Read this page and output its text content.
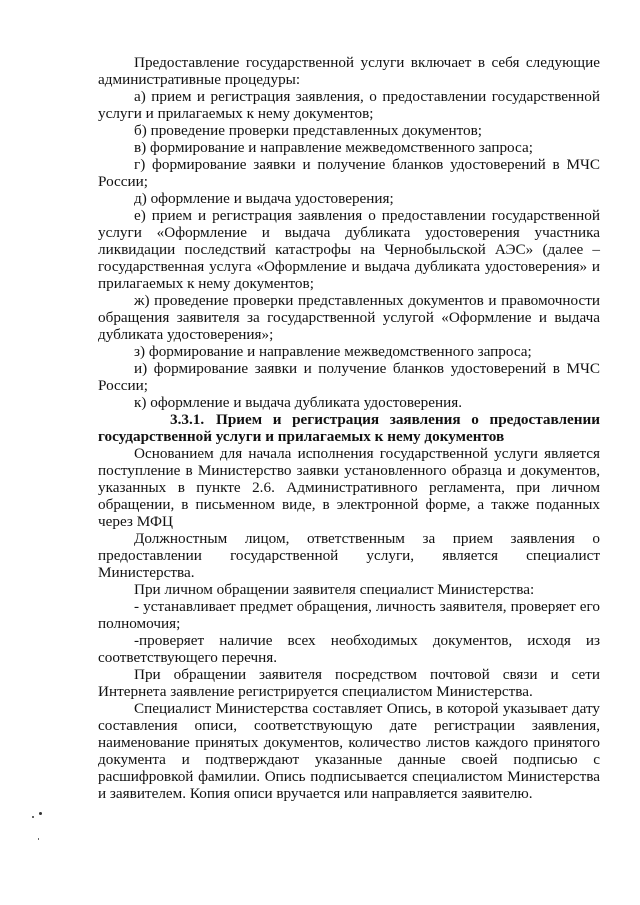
Предоставление государственной услуги включает в себя следующие административные процедуры:

а) прием и регистрация заявления, о предоставлении государственной услуги и прилагаемых к нему документов;

б) проведение проверки представленных документов;

в) формирование и направление межведомственного запроса;

г) формирование заявки и получение бланков удостоверений в МЧС России;

д) оформление и выдача удостоверения;

е) прием и регистрация заявления о предоставлении государственной услуги «Оформление и выдача дубликата удостоверения участника ликвидации последствий катастрофы на Чернобыльской АЭС» (далее – государственная услуга «Оформление и выдача дубликата удостоверения» и прилагаемых к нему документов;

ж) проведение проверки представленных документов и правомочности обращения заявителя за государственной услугой «Оформление и выдача дубликата удостоверения»;

з) формирование и направление межведомственного запроса;

и) формирование заявки и получение бланков удостоверений в МЧС России;

к) оформление и выдача дубликата удостоверения.

3.3.1. Прием и регистрация заявления о предоставлении государственной услуги и прилагаемых к нему документов

Основанием для начала исполнения государственной услуги является поступление в Министерство заявки установленного образца и документов, указанных в пункте 2.6. Административного регламента, при личном обращении, в письменном виде, в электронной форме, а также поданных через МФЦ

Должностным лицом, ответственным за прием заявления о предоставлении государственной услуги, является специалист Министерства.

При личном обращении заявителя специалист Министерства:

- устанавливает предмет обращения, личность заявителя, проверяет его полномочия;

-проверяет наличие всех необходимых документов, исходя из соответствующего перечня.

При обращении заявителя посредством почтовой связи и сети Интернета заявление регистрируется специалистом Министерства.

Специалист Министерства составляет Опись, в которой указывает дату составления описи, соответствующую дате регистрации заявления, наименование принятых документов, количество листов каждого принятого документа и подтверждают указанные данные своей подписью с расшифровкой фамилии. Опись подписывается специалистом Министерства и заявителем. Копия описи вручается или направляется заявителю.
